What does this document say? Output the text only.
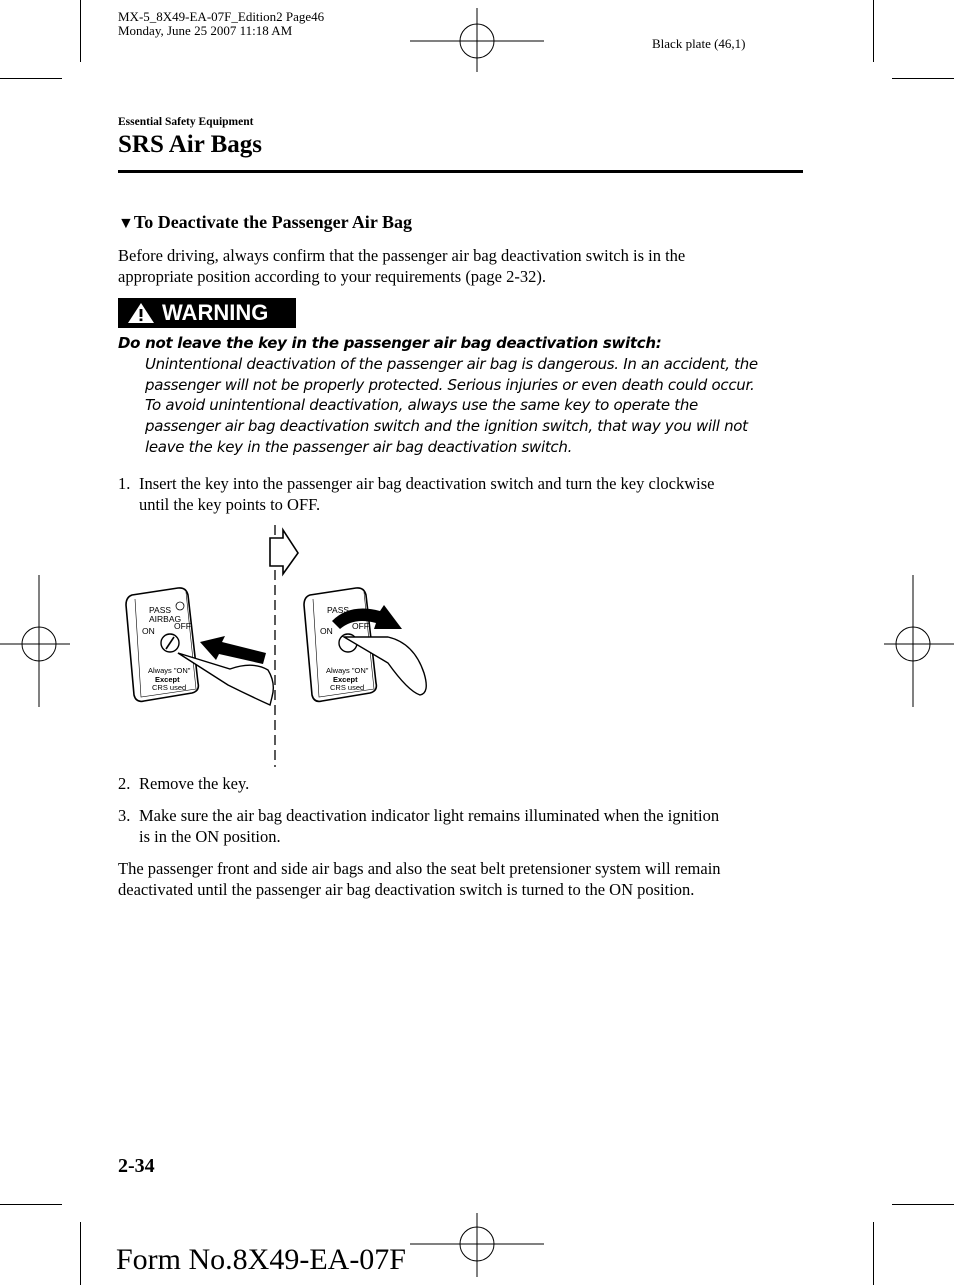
MX-5_8X49-EA-07F_Edition2 Page46
Monday, June 25 2007 11:18 AM
Black plate (46,1)
Essential Safety Equipment
SRS Air Bags
▼To Deactivate the Passenger Air Bag
Before driving, always confirm that the passenger air bag deactivation switch is in the
appropriate position according to your requirements (page 2-32).
WARNING
Do not leave the key in the passenger air bag deactivation switch:
Unintentional deactivation of the passenger air bag is dangerous. In an accident, the
passenger will not be properly protected. Serious injuries or even death could occur.
To avoid unintentional deactivation, always use the same key to operate the
passenger air bag deactivation switch and the ignition switch, that way you will not
leave the key in the passenger air bag deactivation switch.
1. Insert the key into the passenger air bag deactivation switch and turn the key clockwise
until the key points to OFF.
PASS
AIRBAG
ON OFF
Always "ON"
Except
CRS used
PASS
ON OFF
Always "ON"
Except
CRS used
2. Remove the key.
3. Make sure the air bag deactivation indicator light remains illuminated when the ignition
is in the ON position.
The passenger front and side air bags and also the seat belt pretensioner system will remain
deactivated until the passenger air bag deactivation switch is turned to the ON position.
2-34
Form No.8X49-EA-07F
